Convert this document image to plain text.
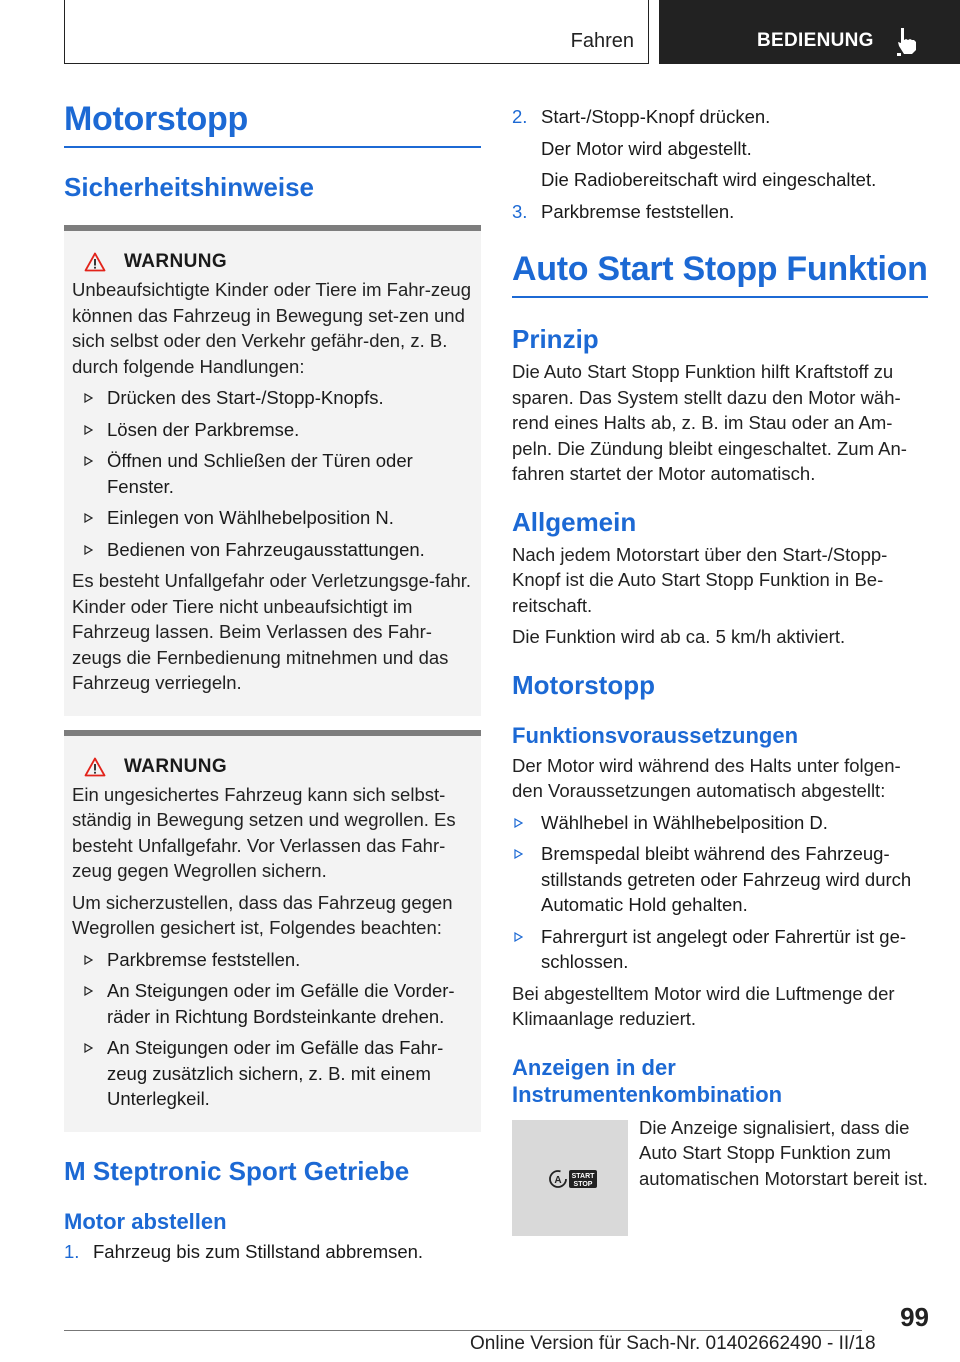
Fahren	BEDIENUNG
Motorstopp
Sicherheitshinweise
WARNUNG
Unbeaufsichtigte Kinder oder Tiere im Fahr-zeug können das Fahrzeug in Bewegung set-zen und sich selbst oder den Verkehr gefähr-den, z. B. durch folgende Handlungen:
Drücken des Start-/Stopp-Knopfs.
Lösen der Parkbremse.
Öffnen und Schließen der Türen oder Fenster.
Einlegen von Wählhebelposition N.
Bedienen von Fahrzeugausstattungen.
Es besteht Unfallgefahr oder Verletzungsge-fahr. Kinder oder Tiere nicht unbeaufsichtigt im Fahrzeug lassen. Beim Verlassen des Fahr-zeugs die Fernbedienung mitnehmen und das Fahrzeug verriegeln.
WARNUNG
Ein ungesichertes Fahrzeug kann sich selbst-ständig in Bewegung setzen und wegrollen. Es besteht Unfallgefahr. Vor Verlassen das Fahr-zeug gegen Wegrollen sichern.
Um sicherzustellen, dass das Fahrzeug gegen Wegrollen gesichert ist, Folgendes beachten:
Parkbremse feststellen.
An Steigungen oder im Gefälle die Vorder-räder in Richtung Bordsteinkante drehen.
An Steigungen oder im Gefälle das Fahr-zeug zusätzlich sichern, z. B. mit einem Unterlegkeil.
M Steptronic Sport Getriebe
Motor abstellen
1. Fahrzeug bis zum Stillstand abbremsen.
2. Start-/Stopp-Knopf drücken.
Der Motor wird abgestellt.
Die Radiobereitschaft wird eingeschaltet.
3. Parkbremse feststellen.
Auto Start Stopp Funktion
Prinzip
Die Auto Start Stopp Funktion hilft Kraftstoff zu sparen. Das System stellt dazu den Motor wäh-rend eines Halts ab, z. B. im Stau oder an Am-peln. Die Zündung bleibt eingeschaltet. Zum An-fahren startet der Motor automatisch.
Allgemein
Nach jedem Motorstart über den Start-/Stopp-Knopf ist die Auto Start Stopp Funktion in Be-reitschaft.
Die Funktion wird ab ca. 5 km/h aktiviert.
Motorstopp
Funktionsvoraussetzungen
Der Motor wird während des Halts unter folgen-den Voraussetzungen automatisch abgestellt:
Wählhebel in Wählhebelposition D.
Bremspedal bleibt während des Fahrzeug-stillstands getreten oder Fahrzeug wird durch Automatic Hold gehalten.
Fahrergurt ist angelegt oder Fahrertür ist ge-schlossen.
Bei abgestelltem Motor wird die Luftmenge der Klimaanlage reduziert.
Anzeigen in der Instrumentenkombination
A START
STOP
Die Anzeige signalisiert, dass die Auto Start Stopp Funktion zum automatischen Motorstart bereit ist.
99
Online Version für Sach-Nr. 01402662490 - II/18
